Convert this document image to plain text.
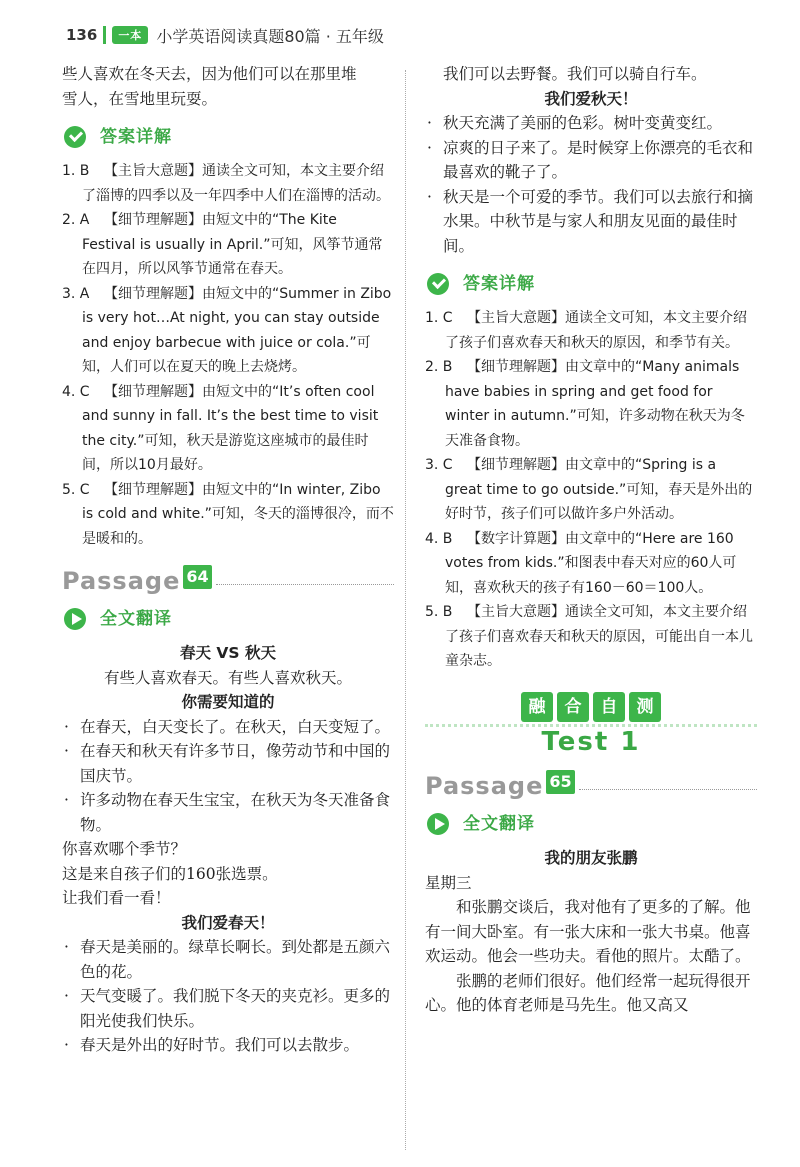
136	一本 小学英语阅读真题80篇 · 五年级

些人喜欢在冬天去，因为他们可以在那里堆

雪人，在雪地里玩耍。

答案详解

1. B 【主旨大意题】通读全文可知，本文主要介绍了淄博的四季以及一年四季中人们在淄博的活动。

2. A 【细节理解题】由短文中的“The Kite Festival is usually in April.”可知，风筝节通常在四月，所以风筝节通常在春天。

3. A 【细节理解题】由短文中的“Summer in Zibo is very hot…At night, you can stay outside and enjoy barbecue with juice or cola.”可知，人们可以在夏天的晚上去烧烤。

4. C 【细节理解题】由短文中的“It’s often cool and sunny in fall. It’s the best time to visit the city.”可知，秋天是游览这座城市的最佳时间，所以10月最好。

5. C 【细节理解题】由短文中的“In winter, Zibo is cold and white.”可知，冬天的淄博很冷，而不是暖和的。

Passage 64
全文翻译

春天 VS 秋天

有些人喜欢春天。有些人喜欢秋天。

你需要知道的

· 在春天，白天变长了。在秋天，白天变短了。

· 在春天和秋天有许多节日，像劳动节和中国的国庆节。

· 许多动物在春天生宝宝，在秋天为冬天准备食物。

你喜欢哪个季节？

这是来自孩子们的160张选票。

让我们看一看！

我们爱春天！

· 春天是美丽的。绿草长啊长。到处都是五颜六色的花。

· 天气变暖了。我们脱下冬天的夹克衫。更多的阳光使我们快乐。

· 春天是外出的好时节。我们可以去散步。

我们可以去野餐。我们可以骑自行车。

我们爱秋天！

· 秋天充满了美丽的色彩。树叶变黄变红。

· 凉爽的日子来了。是时候穿上你漂亮的毛衣和最喜欢的靴子了。

· 秋天是一个可爱的季节。我们可以去旅行和摘水果。中秋节是与家人和朋友见面的最佳时间。

答案详解

1. C 【主旨大意题】通读全文可知，本文主要介绍了孩子们喜欢春天和秋天的原因，和季节有关。

2. B 【细节理解题】由文章中的“Many animals have babies in spring and get food for winter in autumn.”可知，许多动物在秋天为冬天准备食物。

3. C 【细节理解题】由文章中的“Spring is a great time to go outside.”可知，春天是外出的好时节，孩子们可以做许多户外活动。

4. B 【数字计算题】由文章中的“Here are 160 votes from kids.”和图表中春天对应的60人可知，喜欢秋天的孩子有160－60＝100人。

5. B 【主旨大意题】通读全文可知，本文主要介绍了孩子们喜欢春天和秋天的原因，可能出自一本儿童杂志。

融	合	自	测
Test 1
Passage 65
全文翻译

我的朋友张鹏

星期三

和张鹏交谈后，我对他有了更多的了解。他有一间大卧室。有一张大床和一张大书桌。他喜欢运动。他会一些功夫。看他的照片。太酷了。

张鹏的老师们很好。他们经常一起玩得很开心。他的体育老师是马先生。他又高又
